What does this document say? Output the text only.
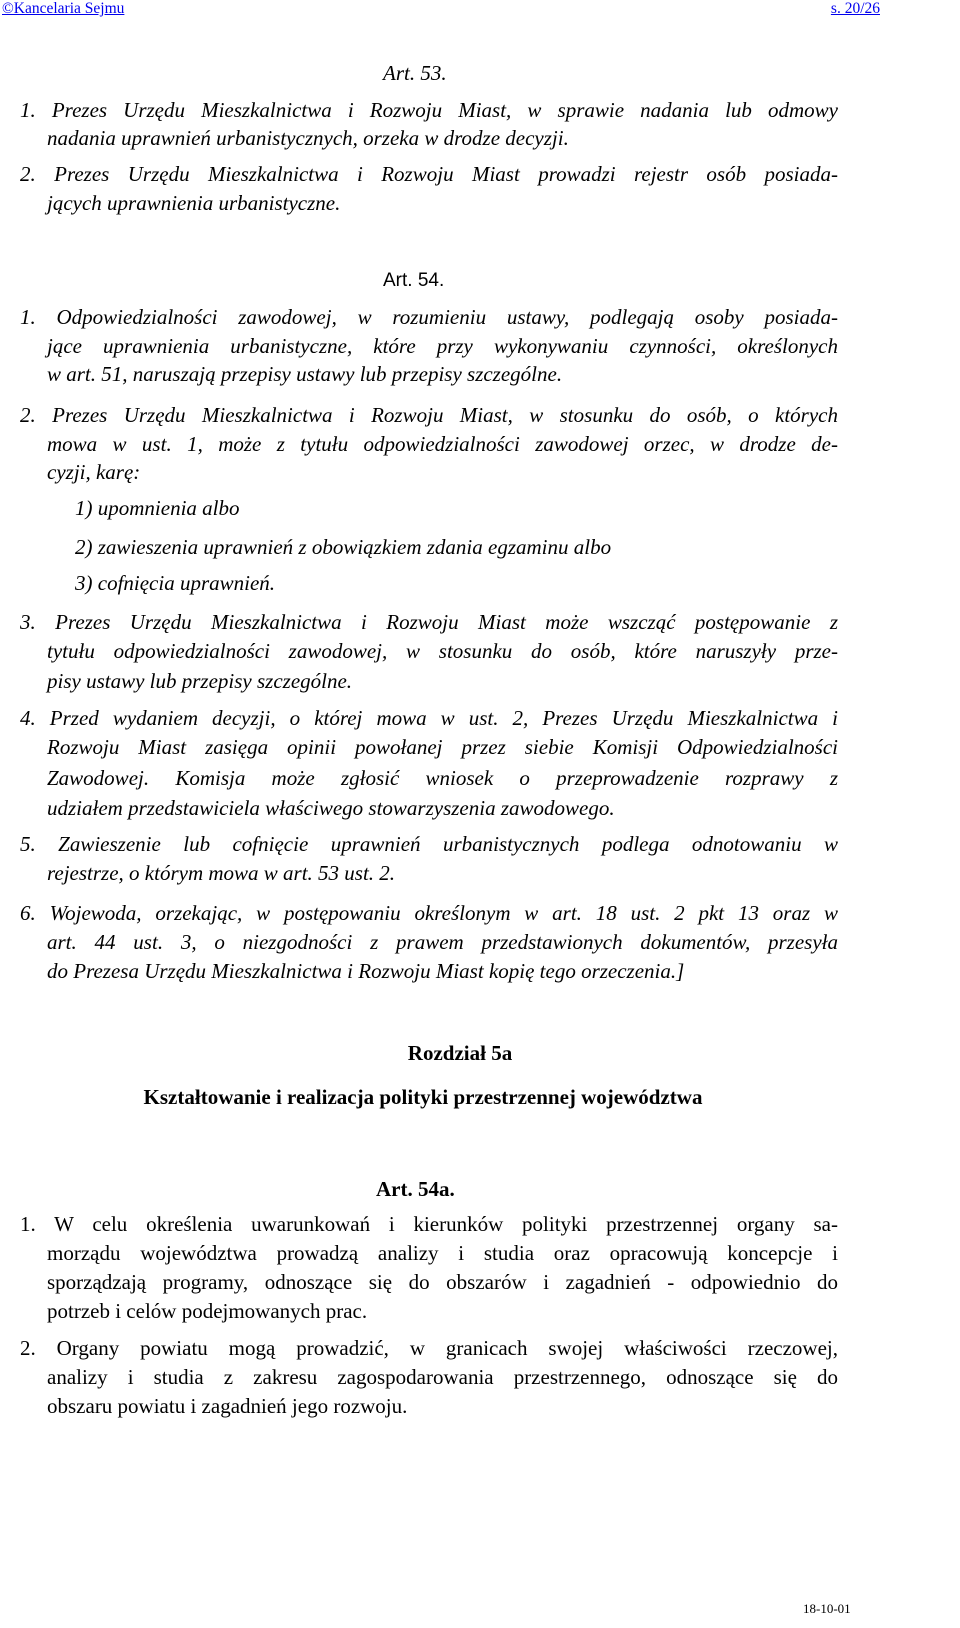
©Kancelaria Sejmu	s. 20/26
Art. 53.
1. Prezes Urzędu Mieszkalnictwa i Rozwoju Miast, w sprawie nadania lub odmowy
nadania uprawnień urbanistycznych, orzeka w drodze decyzji.
2. Prezes Urzędu Mieszkalnictwa i Rozwoju Miast prowadzi rejestr osób posiada-
jących uprawnienia urbanistyczne.
Art. 54.
1. Odpowiedzialności zawodowej, w rozumieniu ustawy, podlegają osoby posiada-
jące uprawnienia urbanistyczne, które przy wykonywaniu czynności, określonych
w art. 51, naruszają przepisy ustawy lub przepisy szczególne.
2. Prezes Urzędu Mieszkalnictwa i Rozwoju Miast, w stosunku do osób, o których
mowa w ust. 1, może z tytułu odpowiedzialności zawodowej orzec, w drodze de-
cyzji, karę:
1) upomnienia albo
2) zawieszenia uprawnień z obowiązkiem zdania egzaminu albo
3) cofnięcia uprawnień.
3. Prezes Urzędu Mieszkalnictwa i Rozwoju Miast może wszcząć postępowanie z
tytułu odpowiedzialności zawodowej, w stosunku do osób, które naruszyły prze-
pisy ustawy lub przepisy szczególne.
4. Przed wydaniem decyzji, o której mowa w ust. 2, Prezes Urzędu Mieszkalnictwa i
Rozwoju Miast zasięga opinii powołanej przez siebie Komisji Odpowiedzialności
Zawodowej. Komisja może zgłosić wniosek o przeprowadzenie rozprawy z
udziałem przedstawiciela właściwego stowarzyszenia zawodowego.
5. Zawieszenie lub cofnięcie uprawnień urbanistycznych podlega odnotowaniu w
rejestrze, o którym mowa w art. 53 ust. 2.
6. Wojewoda, orzekając, w postępowaniu określonym w art. 18 ust. 2 pkt 13 oraz w
art. 44 ust. 3, o niezgodności z prawem przedstawionych dokumentów, przesyła
do Prezesa Urzędu Mieszkalnictwa i Rozwoju Miast kopię tego orzeczenia.]
Rozdział 5a
Kształtowanie i realizacja polityki przestrzennej województwa
Art. 54a.
1. W celu określenia uwarunkowań i kierunków polityki przestrzennej organy sa-
morządu województwa prowadzą analizy i studia oraz opracowują koncepcje i
sporządzają programy, odnoszące się do obszarów i zagadnień - odpowiednio do
potrzeb i celów podejmowanych prac.
2. Organy powiatu mogą prowadzić, w granicach swojej właściwości rzeczowej,
analizy i studia z zakresu zagospodarowania przestrzennego, odnoszące się do
obszaru powiatu i zagadnień jego rozwoju.
18-10-01
